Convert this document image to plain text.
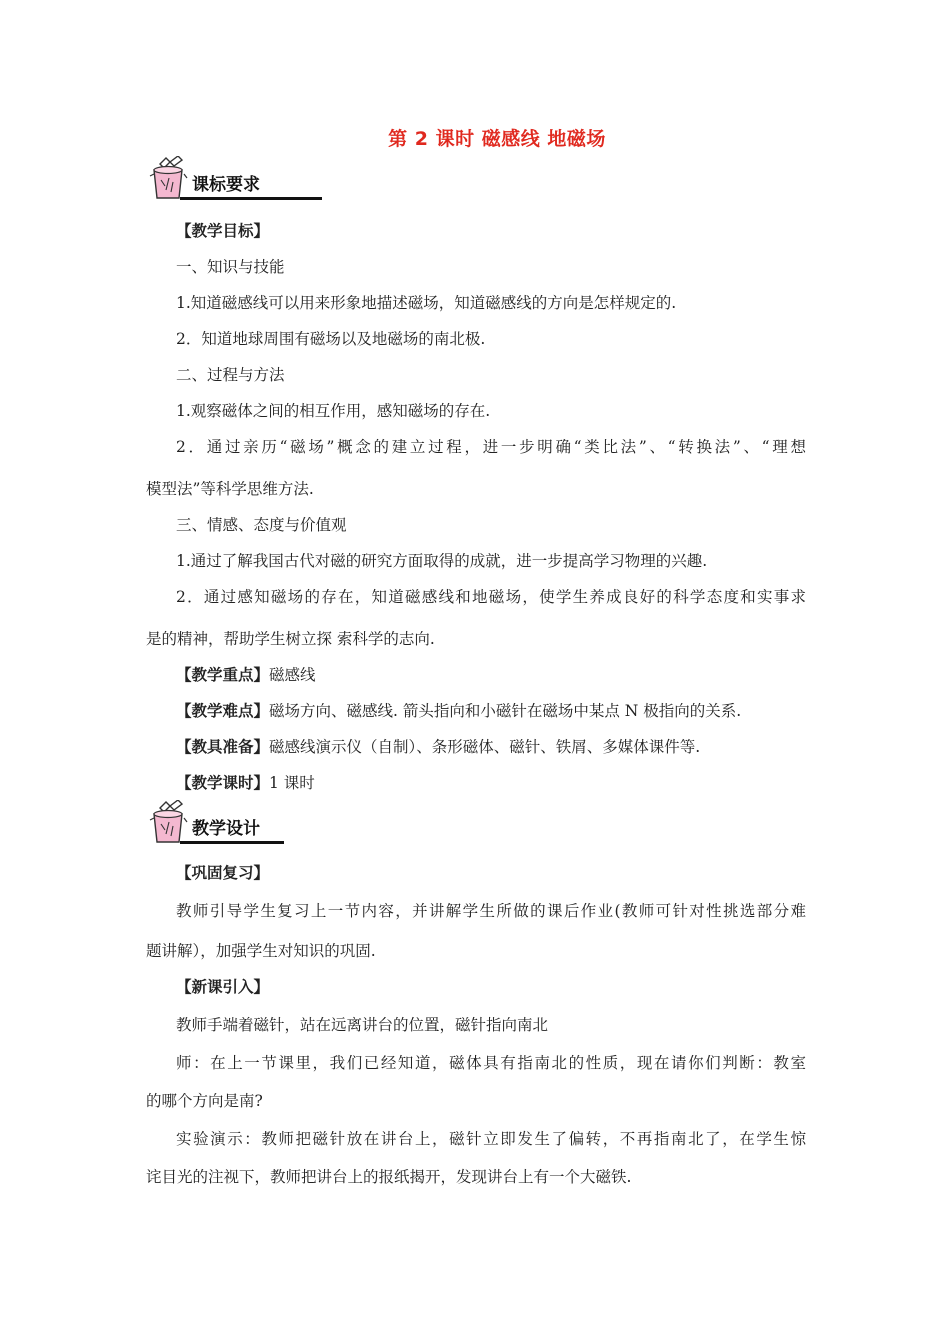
第 2 课时 磁感线 地磁场
课标要求
【教学目标】
一、知识与技能
1.知道磁感线可以用来形象地描述磁场，知道磁感线的方向是怎样规定的.
2．知道地球周围有磁场以及地磁场的南北极.
二、过程与方法
1.观察磁体之间的相互作用，感知磁场的存在.
2．通过亲历“磁场”概念的建立过程，进一步明确“类比法”、“转换法”、“理想
模型法”等科学思维方法.
三、情感、态度与价值观
1.通过了解我国古代对磁的研究方面取得的成就，进一步提高学习物理的兴趣.
2．通过感知磁场的存在，知道磁感线和地磁场，使学生养成良好的科学态度和实事求
是的精神，帮助学生树立探 索科学的志向.
【教学重点】磁感线
【教学难点】磁场方向、磁感线. 箭头指向和小磁针在磁场中某点 N 极指向的关系.
【教具准备】磁感线演示仪（自制）、条形磁体、磁针、铁屑、多媒体课件等.
【教学课时】1 课时
教学设计
【巩固复习】
教师引导学生复习上一节内容，并讲解学生所做的课后作业(教师可针对性挑选部分难
题讲解），加强学生对知识的巩固.
【新课引入】
教师手端着磁针，站在远离讲台的位置，磁针指向南北
师：在上一节课里，我们已经知道，磁体具有指南北的性质，现在请你们判断：教室
的哪个方向是南?
实验演示：教师把磁针放在讲台上，磁针立即发生了偏转，不再指南北了，在学生惊
诧目光的注视下，教师把讲台上的报纸揭开，发现讲台上有一个大磁铁.
